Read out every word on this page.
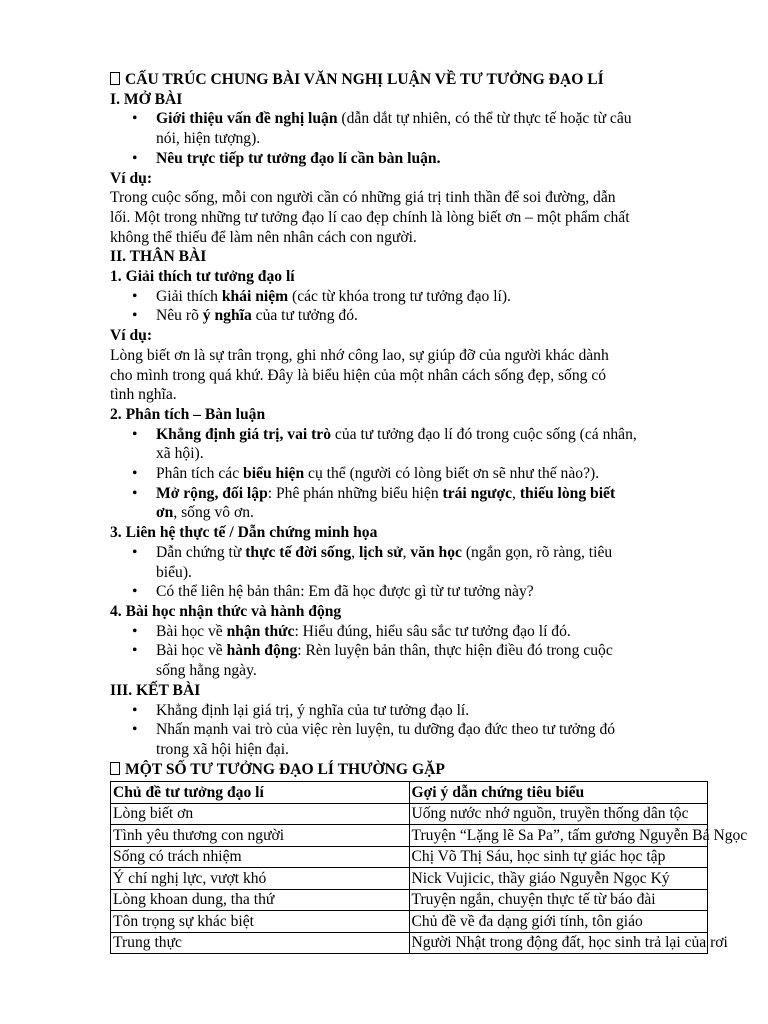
CẤU TRÚC CHUNG BÀI VĂN NGHỊ LUẬN VỀ TƯ TƯỞNG ĐẠO LÍ
I. MỞ BÀI
• Giới thiệu vấn đề nghị luận (dẫn dắt tự nhiên, có thể từ thực tế hoặc từ câu
nói, hiện tượng).
• Nêu trực tiếp tư tưởng đạo lí cần bàn luận.
Ví dụ:
Trong cuộc sống, mỗi con người cần có những giá trị tinh thần để soi đường, dẫn
lối. Một trong những tư tưởng đạo lí cao đẹp chính là lòng biết ơn – một phẩm chất
không thể thiếu để làm nên nhân cách con người.
II. THÂN BÀI
1. Giải thích tư tưởng đạo lí
• Giải thích khái niệm (các từ khóa trong tư tưởng đạo lí).
• Nêu rõ ý nghĩa của tư tưởng đó.
Ví dụ:
Lòng biết ơn là sự trân trọng, ghi nhớ công lao, sự giúp đỡ của người khác dành
cho mình trong quá khứ. Đây là biểu hiện của một nhân cách sống đẹp, sống có
tình nghĩa.
2. Phân tích – Bàn luận
• Khẳng định giá trị, vai trò của tư tưởng đạo lí đó trong cuộc sống (cá nhân,
xã hội).
• Phân tích các biểu hiện cụ thể (người có lòng biết ơn sẽ như thế nào?).
• Mở rộng, đối lập: Phê phán những biểu hiện trái ngược, thiếu lòng biết
ơn, sống vô ơn.
3. Liên hệ thực tế / Dẫn chứng minh họa
• Dẫn chứng từ thực tế đời sống, lịch sử, văn học (ngắn gọn, rõ ràng, tiêu
biểu).
• Có thể liên hệ bản thân: Em đã học được gì từ tư tưởng này?
4. Bài học nhận thức và hành động
• Bài học về nhận thức: Hiểu đúng, hiểu sâu sắc tư tưởng đạo lí đó.
• Bài học về hành động: Rèn luyện bản thân, thực hiện điều đó trong cuộc
sống hằng ngày.
III. KẾT BÀI
• Khẳng định lại giá trị, ý nghĩa của tư tưởng đạo lí.
• Nhấn mạnh vai trò của việc rèn luyện, tu dưỡng đạo đức theo tư tưởng đó
trong xã hội hiện đại.
MỘT SỐ TƯ TƯỞNG ĐẠO LÍ THƯỜNG GẶP
Chủ đề tư tưởng đạo lí	Gợi ý dẫn chứng tiêu biểu
Lòng biết ơn	Uống nước nhớ nguồn, truyền thống dân tộc
Tình yêu thương con người	Truyện “Lặng lẽ Sa Pa”, tấm gương Nguyễn Bá Ngọc
Sống có trách nhiệm	Chị Võ Thị Sáu, học sinh tự giác học tập
Ý chí nghị lực, vượt khó	Nick Vujicic, thầy giáo Nguyễn Ngọc Ký
Lòng khoan dung, tha thứ	Truyện ngắn, chuyện thực tế từ báo đài
Tôn trọng sự khác biệt	Chủ đề về đa dạng giới tính, tôn giáo
Trung thực	Người Nhật trong động đất, học sinh trả lại của rơi
